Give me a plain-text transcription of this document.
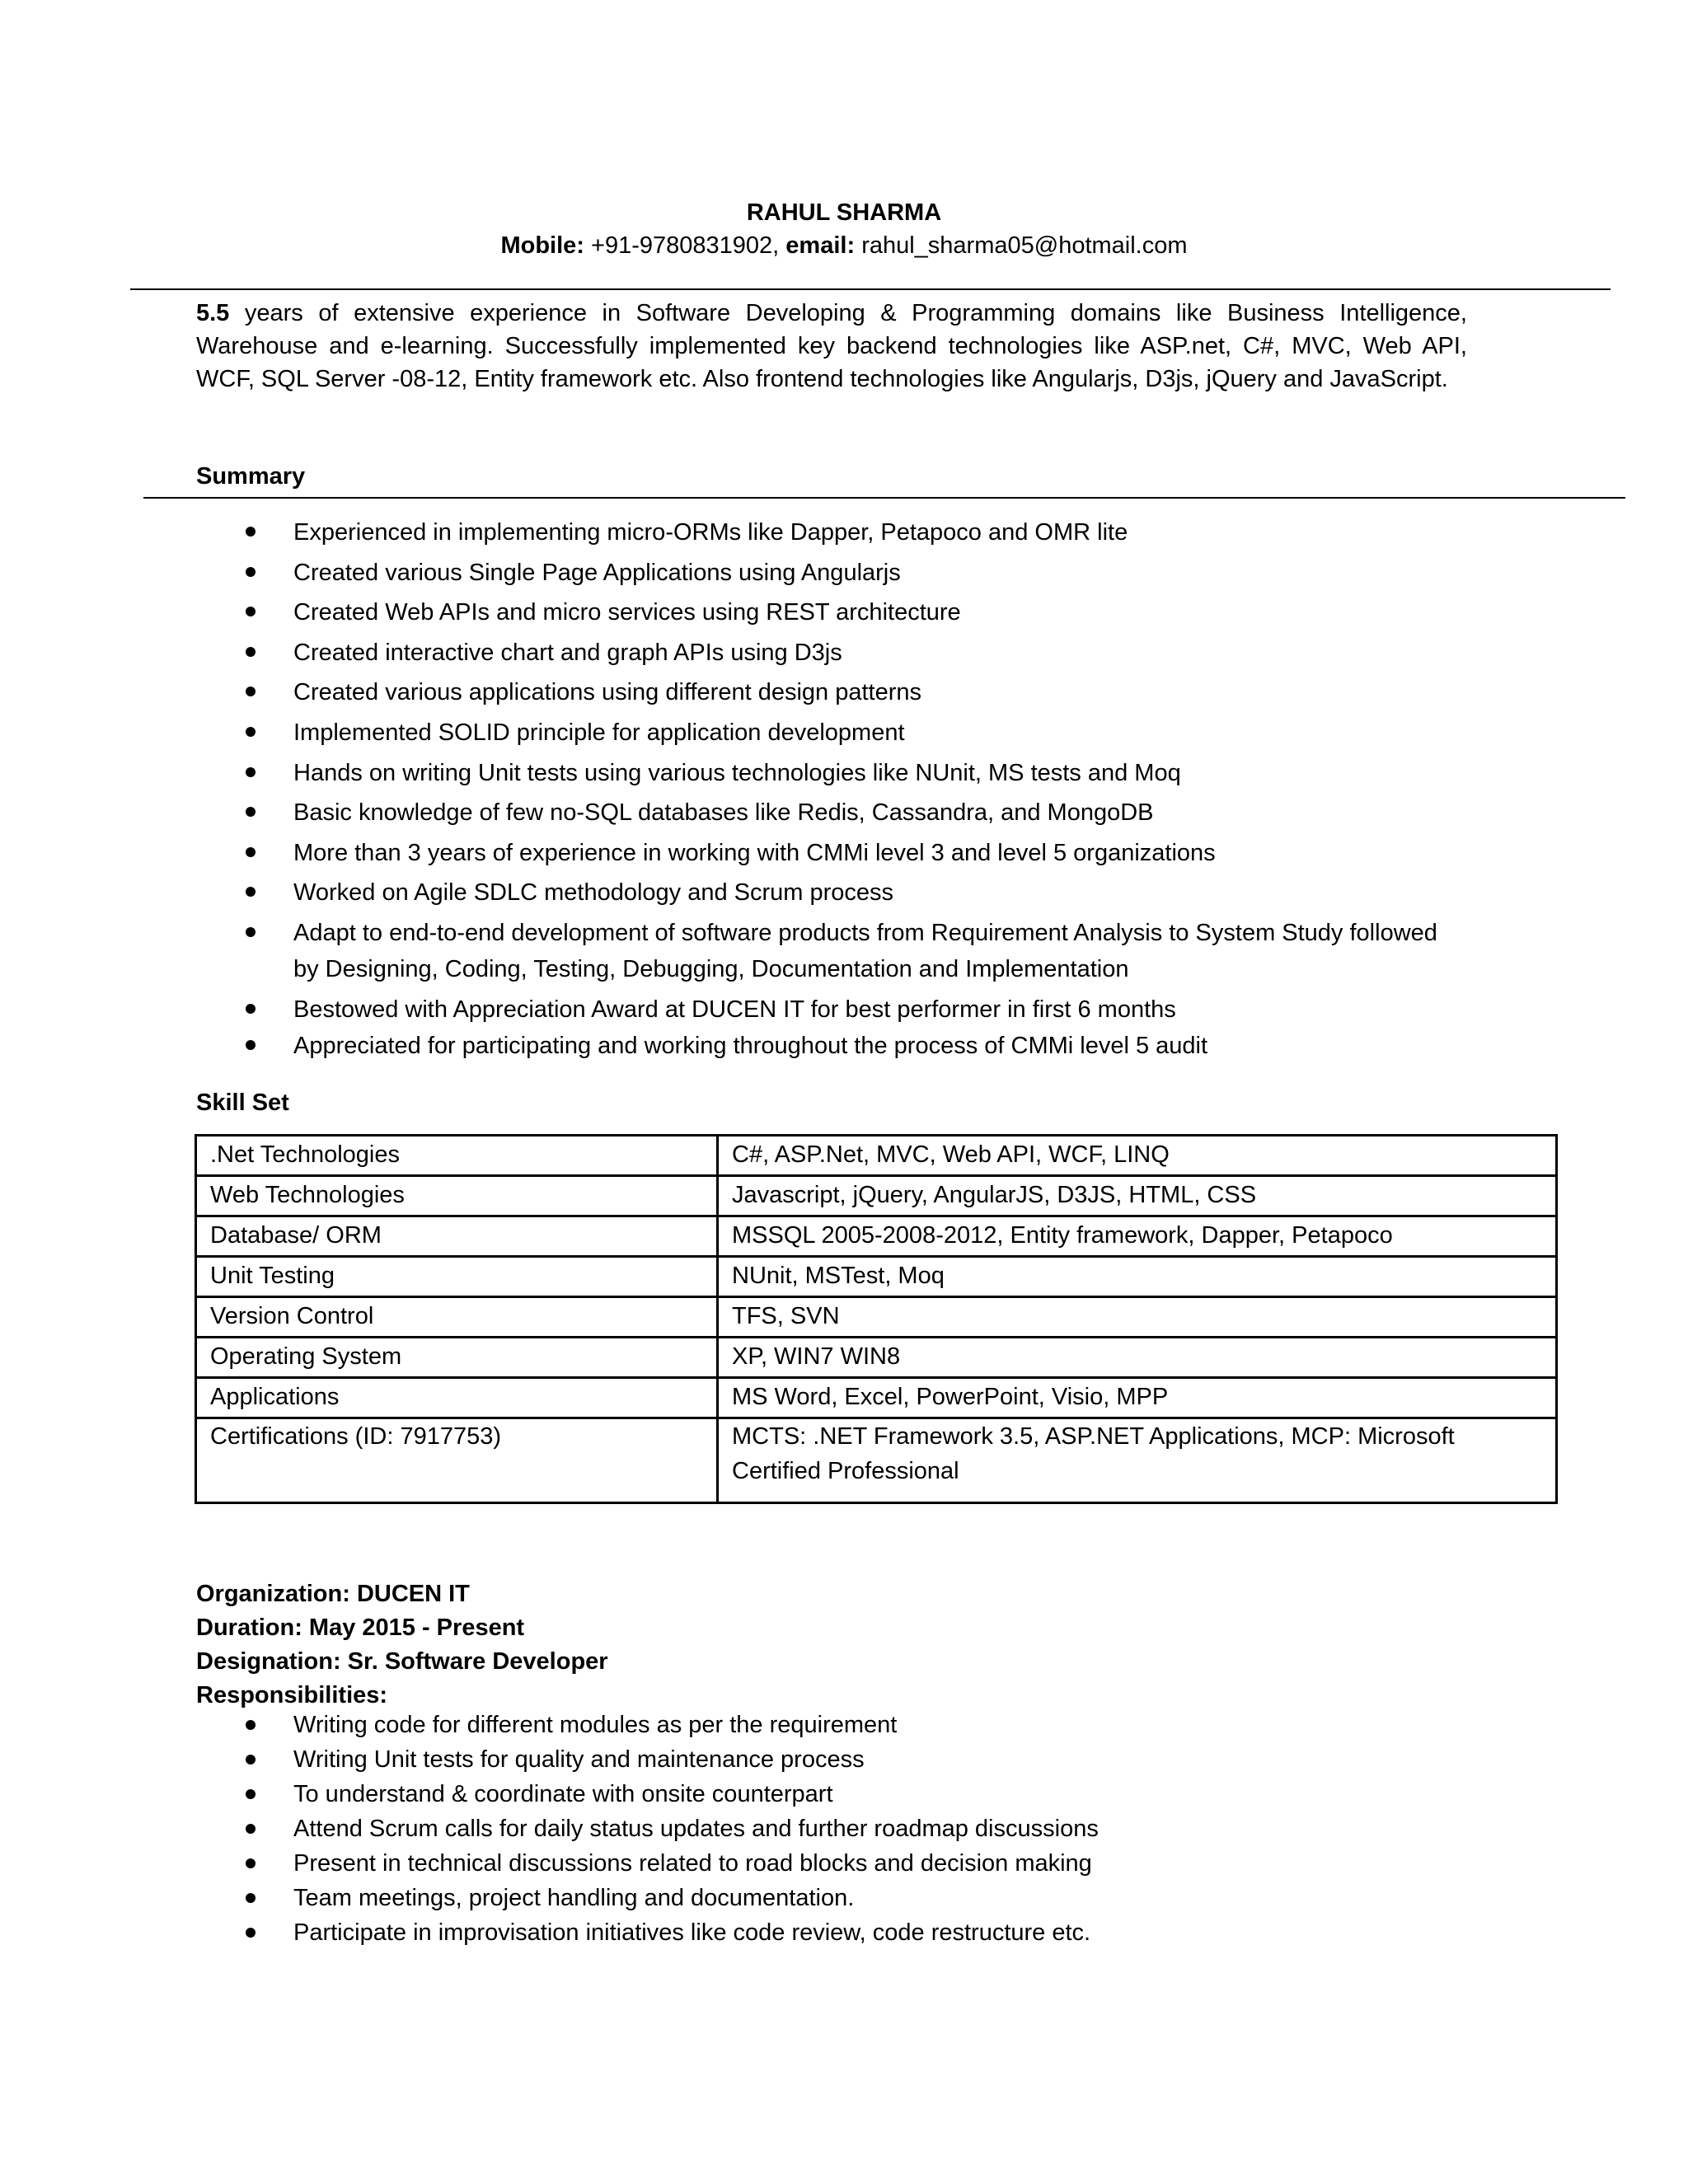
RAHUL SHARMA
Mobile: +91-9780831902, email: rahul_sharma05@hotmail.com
5.5 years of extensive experience in Software Developing & Programming domains like Business Intelligence, Warehouse and e-learning. Successfully implemented key backend technologies like ASP.net, C#, MVC, Web API, WCF, SQL Server -08-12, Entity framework etc. Also frontend technologies like Angularjs, D3js, jQuery and JavaScript.
Summary
Experienced in implementing micro-ORMs like Dapper, Petapoco and OMR lite
Created various Single Page Applications using Angularjs
Created Web APIs and micro services using REST architecture
Created interactive chart and graph APIs using D3js
Created various applications using different design patterns
Implemented SOLID principle for application development
Hands on writing Unit tests using various technologies like NUnit, MS tests and Moq
Basic knowledge of few no-SQL databases like Redis, Cassandra, and MongoDB
More than 3 years of experience in working with CMMi level 3 and level 5 organizations
Worked on Agile SDLC methodology and Scrum process
Adapt to end-to-end development of software products from Requirement Analysis to System Study followed by Designing, Coding, Testing, Debugging, Documentation and Implementation
Bestowed with Appreciation Award at DUCEN IT for best performer in first 6 months
Appreciated for participating and working throughout the process of CMMi level 5 audit
Skill Set
.Net Technologies	C#, ASP.Net, MVC, Web API, WCF, LINQ
Web Technologies	Javascript, jQuery, AngularJS, D3JS, HTML, CSS
Database/ ORM	MSSQL 2005-2008-2012, Entity framework, Dapper, Petapoco
Unit Testing	NUnit, MSTest, Moq
Version Control	TFS, SVN
Operating System	XP, WIN7 WIN8
Applications	MS Word, Excel, PowerPoint, Visio, MPP
Certifications (ID: 7917753)	MCTS: .NET Framework 3.5, ASP.NET Applications, MCP: Microsoft Certified Professional
Organization: DUCEN IT
Duration: May 2015 - Present
Designation: Sr. Software Developer
Responsibilities:
Writing code for different modules as per the requirement
Writing Unit tests for quality and maintenance process
To understand & coordinate with onsite counterpart
Attend Scrum calls for daily status updates and further roadmap discussions
Present in technical discussions related to road blocks and decision making
Team meetings, project handling and documentation.
Participate in improvisation initiatives like code review, code restructure etc.
